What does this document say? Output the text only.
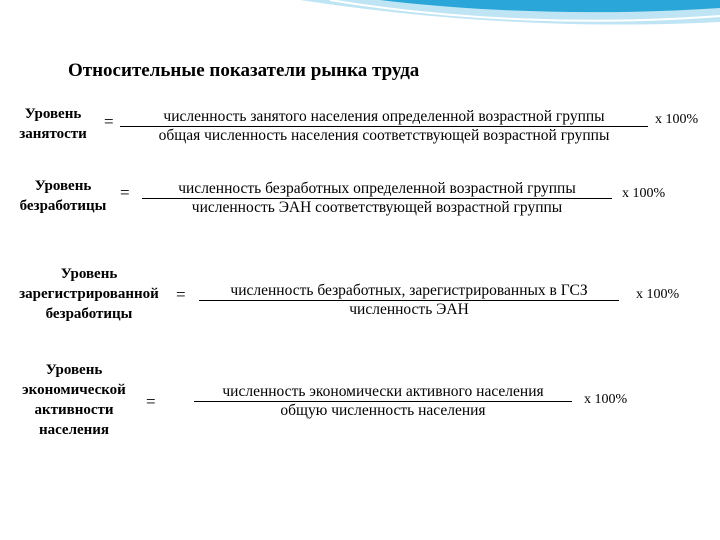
Относительные показатели рынка труда
Уровень
занятости
=	численность занятого населения определенной возрастной группы
общая численность населения соответствующей возрастной группы
х 100%
Уровень
безработицы
=	численность безработных определенной возрастной группы
численность ЭАН соответствующей возрастной группы
х 100%
Уровень
зарегистрированной
безработицы
=	численность безработных, зарегистрированных в ГСЗ
численность ЭАН
х 100%
Уровень
экономической
активности
населения
=
численность экономически активного населения
общую численность населения
х 100%
